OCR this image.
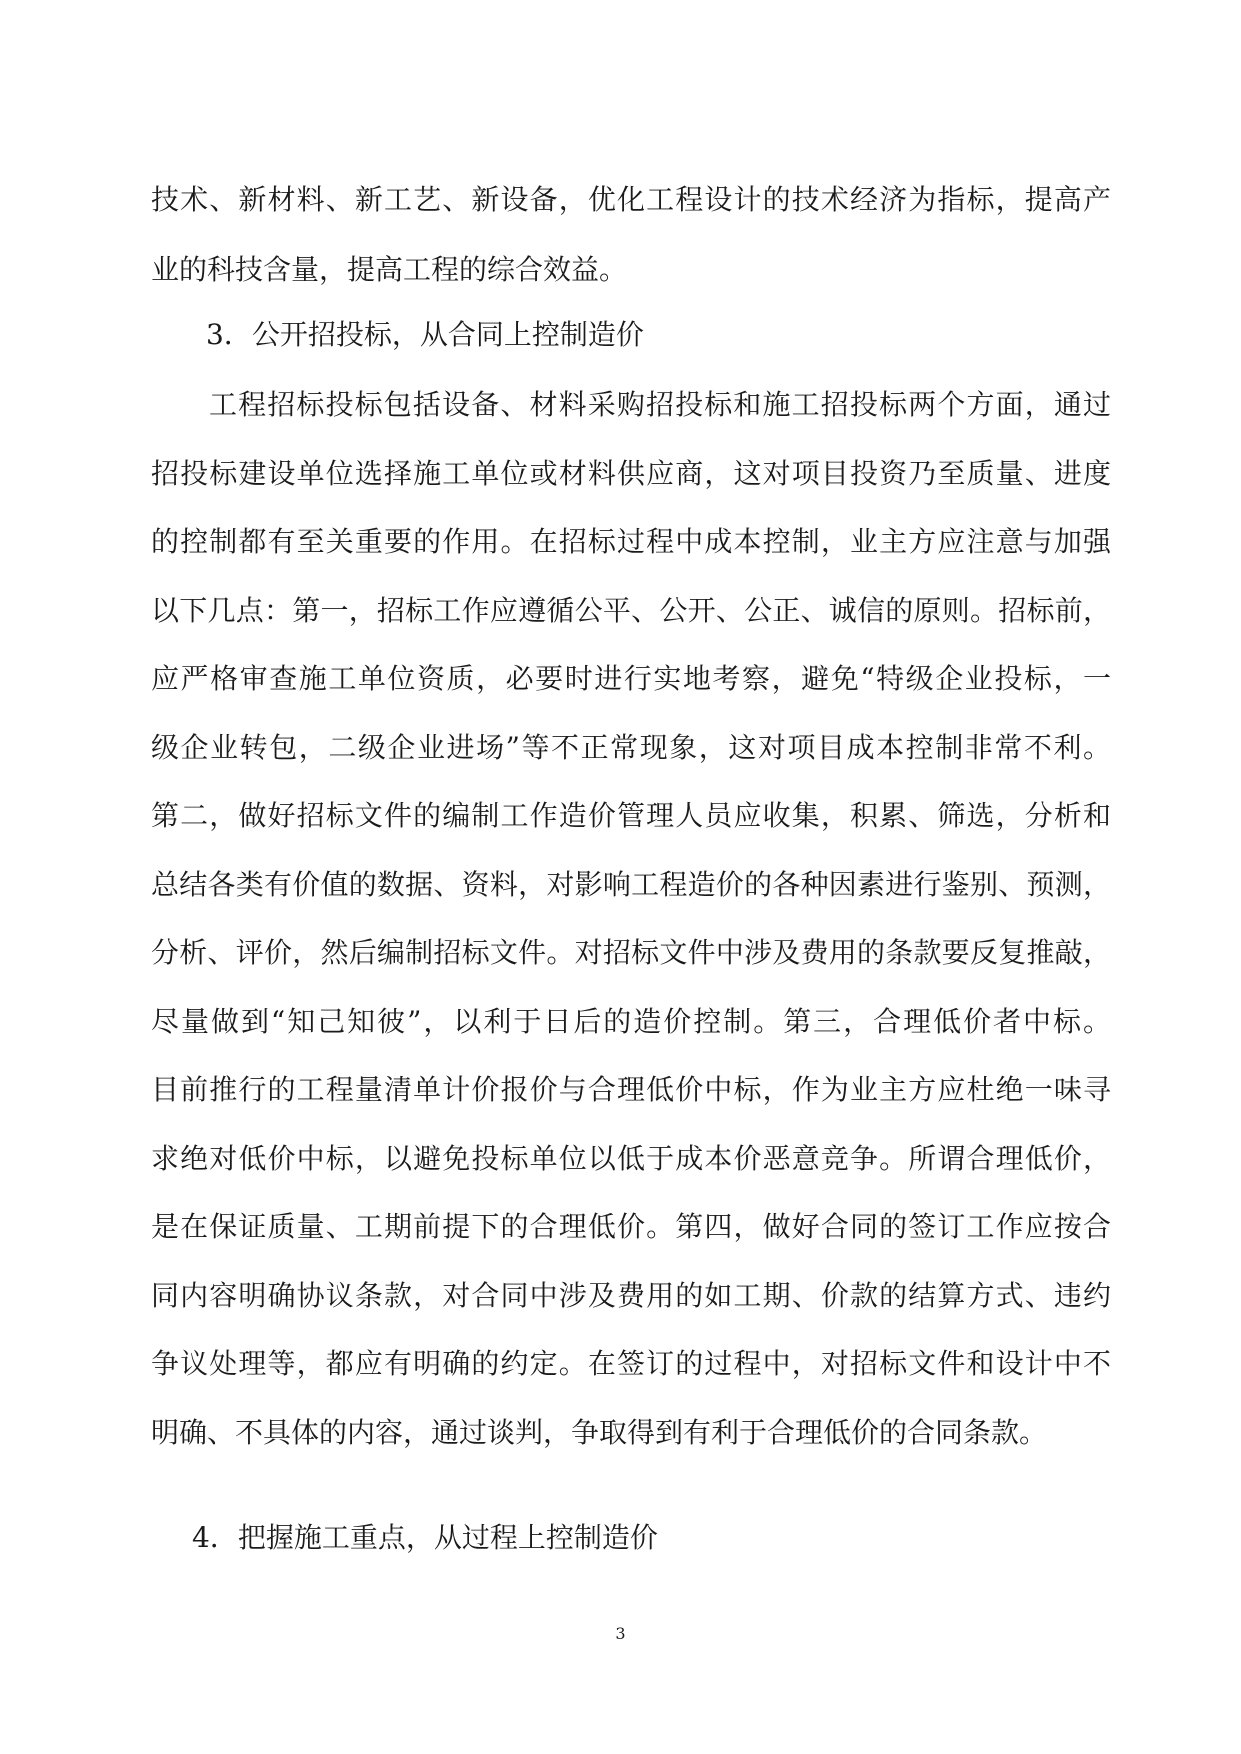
技术、新材料、新工艺、新设备，优化工程设计的技术经济为指标，提高产
业的科技含量，提高工程的综合效益。
3．公开招投标，从合同上控制造价
工程招标投标包括设备、材料采购招投标和施工招投标两个方面，通过
招投标建设单位选择施工单位或材料供应商，这对项目投资乃至质量、进度
的控制都有至关重要的作用。在招标过程中成本控制，业主方应注意与加强
以下几点：第一，招标工作应遵循公平、公开、公正、诚信的原则。招标前，
应严格审查施工单位资质，必要时进行实地考察，避免“特级企业投标，一
级企业转包，二级企业进场”等不正常现象，这对项目成本控制非常不利。
第二，做好招标文件的编制工作造价管理人员应收集，积累、筛选，分析和
总结各类有价值的数据、资料，对影响工程造价的各种因素进行鉴别、预测，
分析、评价，然后编制招标文件。对招标文件中涉及费用的条款要反复推敲，
尽量做到“知己知彼”，以利于日后的造价控制。第三，合理低价者中标。
目前推行的工程量清单计价报价与合理低价中标，作为业主方应杜绝一味寻
求绝对低价中标，以避免投标单位以低于成本价恶意竞争。所谓合理低价，
是在保证质量、工期前提下的合理低价。第四，做好合同的签订工作应按合
同内容明确协议条款，对合同中涉及费用的如工期、价款的结算方式、违约
争议处理等，都应有明确的约定。在签订的过程中，对招标文件和设计中不
明确、不具体的内容，通过谈判，争取得到有利于合理低价的合同条款。
4．把握施工重点，从过程上控制造价
3
